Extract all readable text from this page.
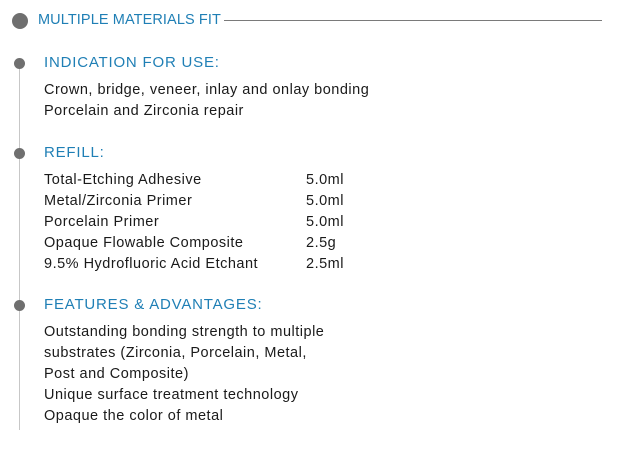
MULTIPLE MATERIALS FIT
INDICATION FOR USE:
Crown, bridge, veneer, inlay and onlay bonding
Porcelain and Zirconia repair
REFILL:
Total-Etching Adhesive	5.0ml
Metal/Zirconia Primer	5.0ml
Porcelain Primer	5.0ml
Opaque Flowable Composite	2.5g
9.5% Hydrofluoric Acid Etchant	2.5ml
FEATURES & ADVANTAGES:
Outstanding bonding strength to multiple
substrates (Zirconia, Porcelain, Metal,
Post and Composite)
Unique surface treatment technology
Opaque the color of metal
